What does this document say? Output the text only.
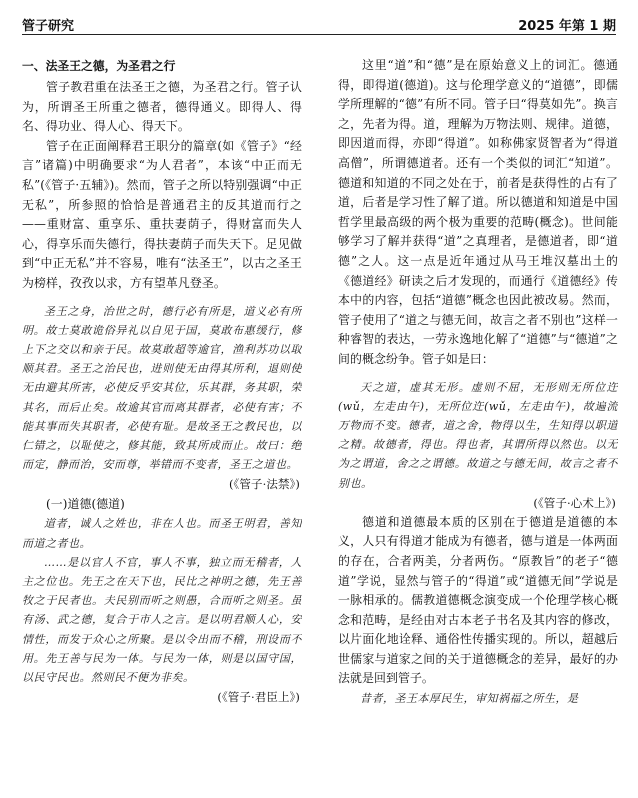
管子研究	2025 年第 1 期
一、法圣王之德，为圣君之行

管子教君重在法圣王之德，为圣君之行。管子认为，所谓圣王所重之德者，德得通义。即得人、得名、得功业、得人心、得天下。

管子在正面阐释君王职分的篇章(如《管子》“经言”诸篇)中明确要求“为人君者”，本该“中正而无私”(《管子·五辅》)。然而，管子之所以特别强调“中正无私”，所参照的恰恰是普通君主的反其道而行之——重财富、重享乐、重扶妻荫子，得财富而失人心，得享乐而失德行，得扶妻荫子而失天下。足见做到“中正无私”并不容易，唯有“法圣王”，以古之圣王为榜样，孜孜以求，方有望革凡登圣。

圣王之身，治世之时，德行必有所是，道义必有所明。故士莫敢诡俗异礼以自见于国，莫敢布惠缓行，修上下之交以和亲于民。故莫敢超等逾官，渔利苏功以取顺其君。圣王之治民也，进则使无由得其所利，退则使无由避其所害，必使反乎安其位，乐其群，务其职，荣其名，而后止矣。故逾其官而离其群者，必使有害；不能其事而失其职者，必使有耻。是故圣王之教民也，以仁错之，以耻使之，修其能，致其所成而止。故曰：绝而定，静而治，安而尊，举错而不变者，圣王之道也。

(《管子·法禁》)

(一)道德(德道)

道者，诚人之姓也，非在人也。而圣王明君，善知而道之者也。

……是以官人不官，事人不事，独立而无稽者，人主之位也。先王之在天下也，民比之神明之德，先王善牧之于民者也。夫民别而听之则愚，合而听之则圣。虽有汤、武之德，复合于市人之言。是以明君顺人心，安情性，而发于众心之所聚。是以令出而不稽，刑设而不用。先王善与民为一体。与民为一体，则是以国守国，以民守民也。然则民不便为非矣。

(《管子·君臣上》)

这里“道”和“德”是在原始意义上的词汇。德通得，即得道(德道)。这与伦理学意义的“道德”，即儒学所理解的“德”有所不同。管子曰“得莫如先”。换言之，先者为得。道，理解为万物法则、规律。道德，即因道而得，亦即“得道”。如称佛家贤智者为“得道高僧”，所谓德道者。还有一个类似的词汇“知道”。德道和知道的不同之处在于，前者是获得性的占有了道，后者是学习性了解了道。所以德道和知道是中国哲学里最高级的两个极为重要的范畴(概念)。世间能够学习了解并获得“道”之真理者，是德道者，即“道德”之人。这一点是近年通过从马王堆汉墓出土的《德道经》研读之后才发现的，而通行《道德经》传本中的内容，包括“道德”概念也因此被改易。然而，管子使用了“道之与德无间，故言之者不别也”这样一种睿智的表达，一劳永逸地化解了“道德”与“德道”之间的概念纷争。管子如是曰：

天之道，虚其无形。虚则不屈，无形则无所位迕(wǔ，左走由午)，无所位迕(wǔ，左走由午)，故遍流万物而不变。德者，道之舍，物得以生，生知得以职道之精。故德者，得也。得也者，其谓所得以然也。以无为之谓道，舍之之谓德。故道之与德无间，故言之者不别也。

(《管子·心术上》)

德道和道德最本质的区别在于德道是道德的本义，人只有得道才能成为有德者，德与道是一体两面的存在，合者两美，分者两伤。“原教旨”的老子“德道”学说，显然与管子的“得道”或“道德无间”学说是一脉相承的。儒教道德概念演变成一个伦理学核心概念和范畴，是经由对古本老子书名及其内容的修改，以片面化地诠释、通俗性传播实现的。所以，超越后世儒家与道家之间的关于道德概念的差异，最好的办法就是回到管子。

昔者，圣王本厚民生，审知祸福之所生，是
